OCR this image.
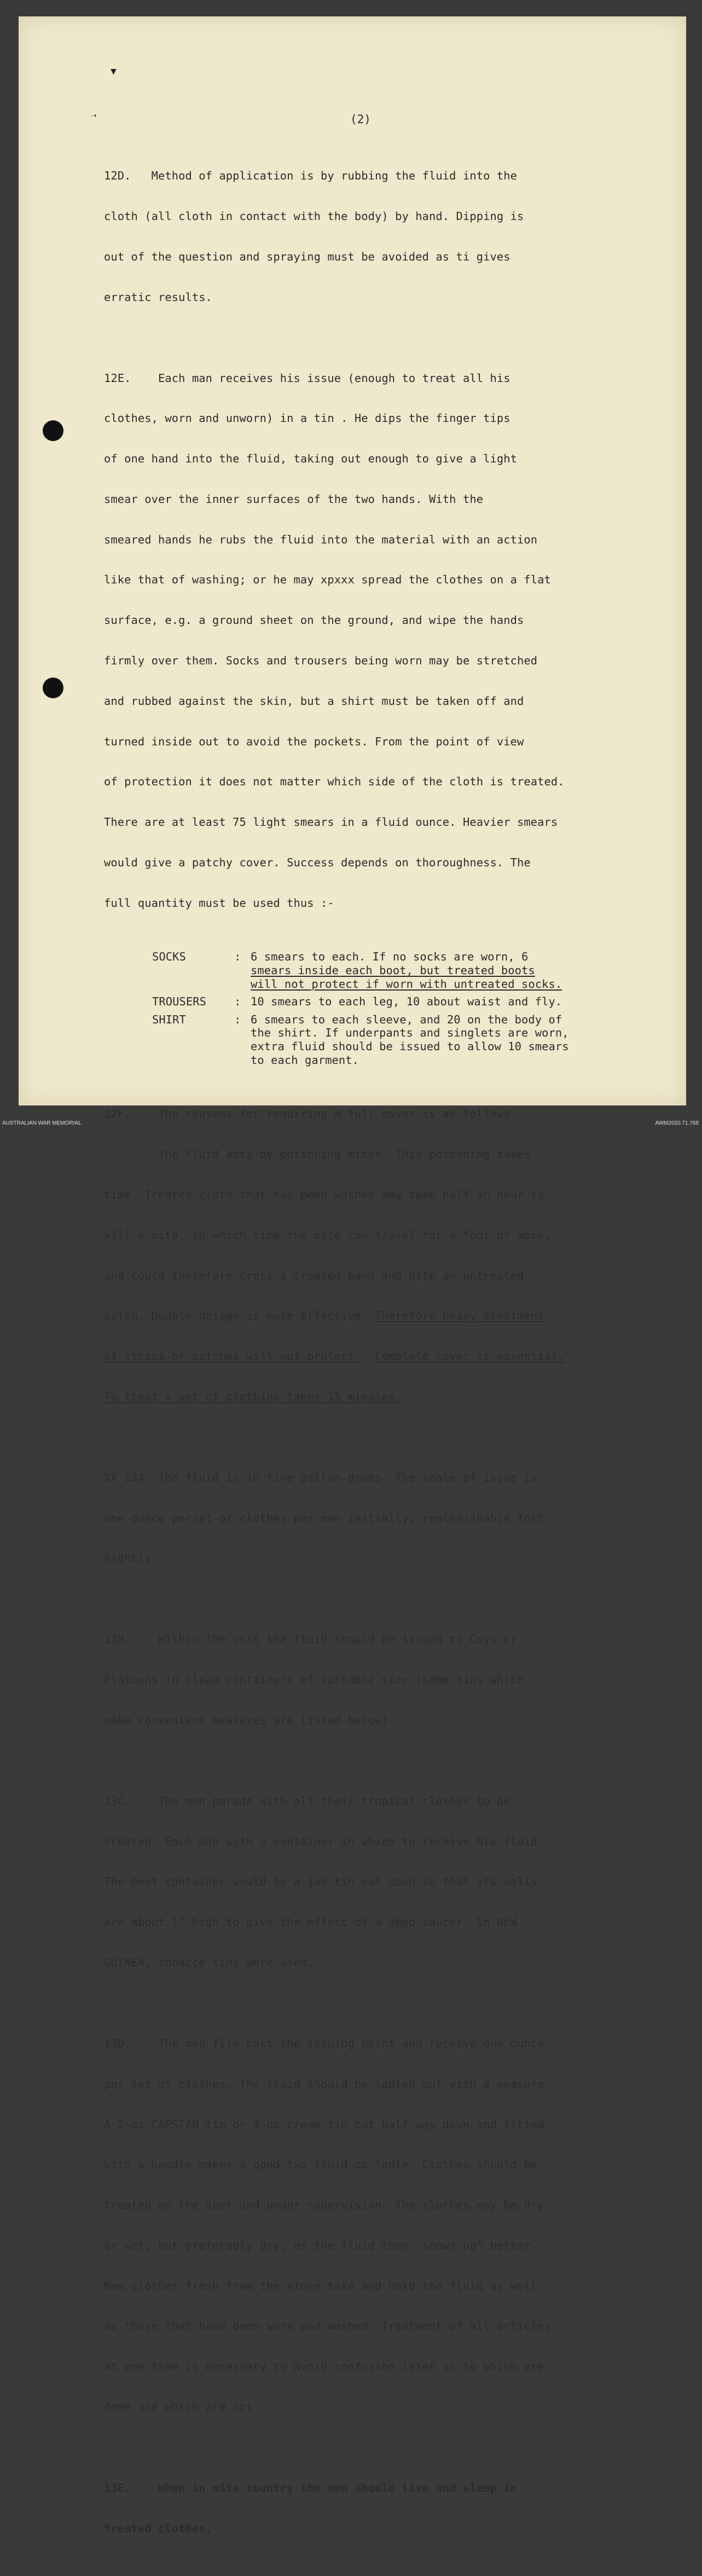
▼
➝	(2)

12D.   Method of application is by rubbing the fluid into the

cloth (all cloth in contact with the body) by hand. Dipping is

out of the question and spraying must be avoided as ti gives

erratic results.

12E.    Each man receives his issue (enough to treat all his

clothes, worn and unworn) in a tin . He dips the finger tips

of one hand into the fluid, taking out enough to give a light

smear over the inner surfaces of the two hands. With the

smeared hands he rubs the fluid into the material with an action

like that of washing; or he may xpxxx spread the clothes on a flat

surface, e.g. a ground sheet on the ground, and wipe the hands

firmly over them. Socks and trousers being worn may be stretched

and rubbed against the skin, but a shirt must be taken off and

turned inside out to avoid the pockets. From the point of view

of protection it does not matter which side of the cloth is treated.

There are at least 75 light smears in a fluid ounce. Heavier smears

would give a patchy cover. Success depends on thoroughness. The

full quantity must be used thus :-

SOCKS	: 6 smears to each. If no socks are worn, 6
smears inside each boot, but treated boots
will not protect if worn with untreated socks.
TROUSERS	: 10 smears to each leg, 10 about waist and fly.
SHIRT	: 6 smears to each sleeve, and 20 on the body of
the shirt. If underpants and singlets are worn,
extra fluid should be issued to allow 10 smears
to each garment.

12F.    The reasons for requiring a full cover is as follows.

The fluid acts by poisoning mites. This poisoning takes

time. Treated cloth that has been washed may take half an hour to

kill a mite, in which time the mite can travel for a foot or more,

and could therefore cross a treated band and bite an untreated

patch. Double dosage is more effective. Therefore heavy treatment

of strips or patches will not protect. Complete cover is essential.

To treat a set of clothing takes 15 minutes.

XX 13A. The fluid is in five gallon drums. The scale of issue is

one ounce perset of clothes per man initially, replenishable fort-

nightly.

13B.    Within the unit the fluid should be issued to Coys or

Platoons in clean containers of suitable size (some tins which

make convenient measures are listed below).

13C.    The men parade with all their tropical clothes to be

treated. Each man with a container in which to receive his fluid.

The best container would be a jam tin cut down so that its walls

are about 1" high to give the effect of a deep saucer. In NEW

GUINEA, tobacco tins were used.

13D.    The men file past the issuing point and receive one ounce

per set of clothes. The fluid should be ladled out with a measure.

A 2-oz CAPSTAN tin or 4-oz cream tin cut half way down and fitted

with a handle makes a good two fluid oz ladle. Clothes should be

treated on the spot and under supervision. The clothes may be dry,

or wet, but preferably dry, as the fluid then "shows up" better.

New clothes fresh from the store take and hold the fluid as well

as those that have been worn and washed. Treatment of all articles

at one time is necessary to avoid confusion later as to which are

done and which are not.

13E.    When in mite country the men should live and sleep in

treated clothes.

AUSTRALIAN WAR MEMORIAL	AWM2020.71.768
